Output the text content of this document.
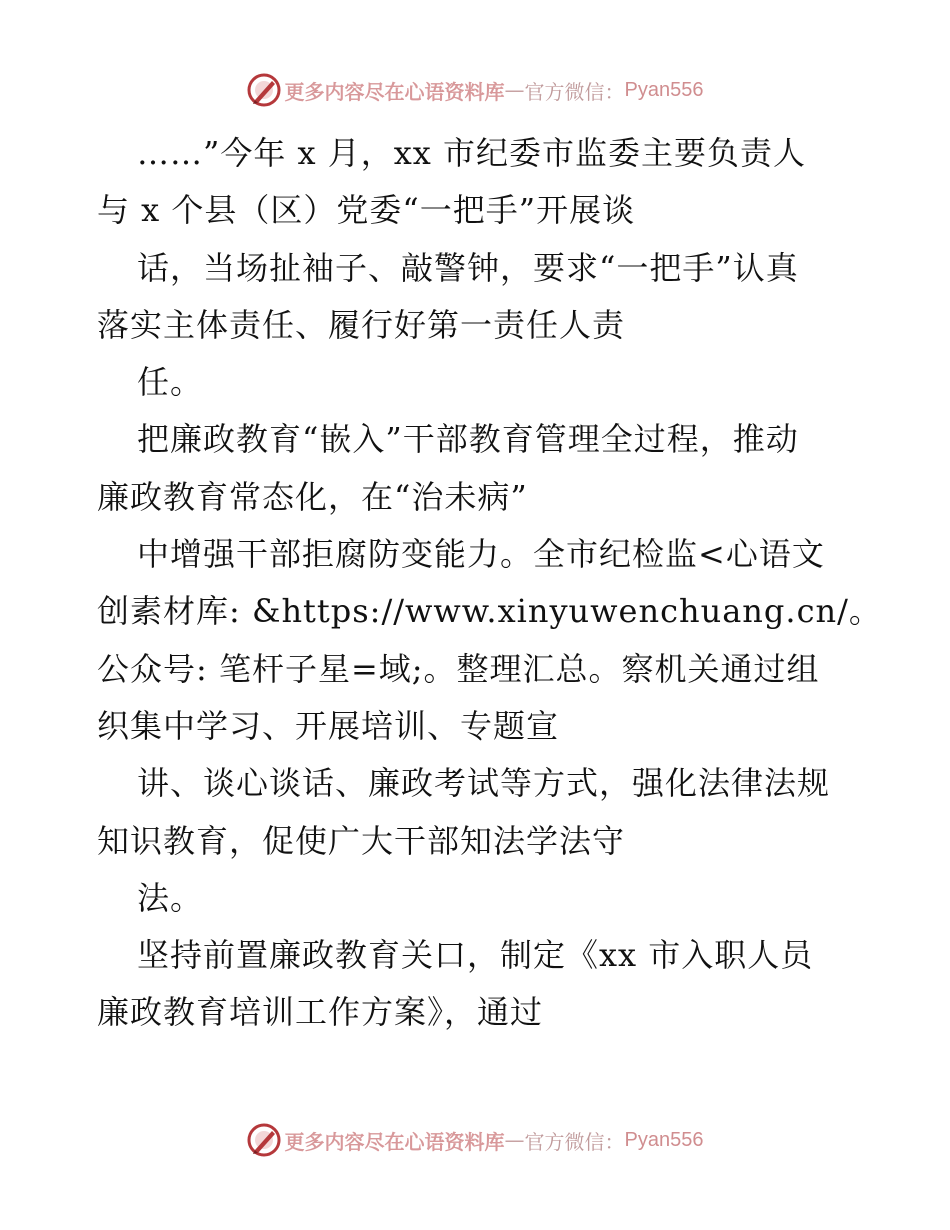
更多内容尽在心语资料库 — 官方微信： Pyan556
……”今年 x 月，xx 市纪委市监委主要负责人
与 x 个县（区）党委“一把手”开展谈
话，当场扯袖子、敲警钟，要求“一把手”认真
落实主体责任、履行好第一责任人责
任。
把廉政教育“嵌入”干部教育管理全过程，推动
廉政教育常态化，在“治未病”
中增强干部拒腐防变能力。全市纪检监<心语文
创素材库: &https://www.xinyuwenchuang.cn/。
公众号: 笔杆子星=域;。整理汇总。察机关通过组
织集中学习、开展培训、专题宣
讲、谈心谈话、廉政考试等方式，强化法律法规
知识教育，促使广大干部知法学法守
法。
坚持前置廉政教育关口，制定《xx 市入职人员
廉政教育培训工作方案》，通过
更多内容尽在心语资料库 — 官方微信： Pyan556
